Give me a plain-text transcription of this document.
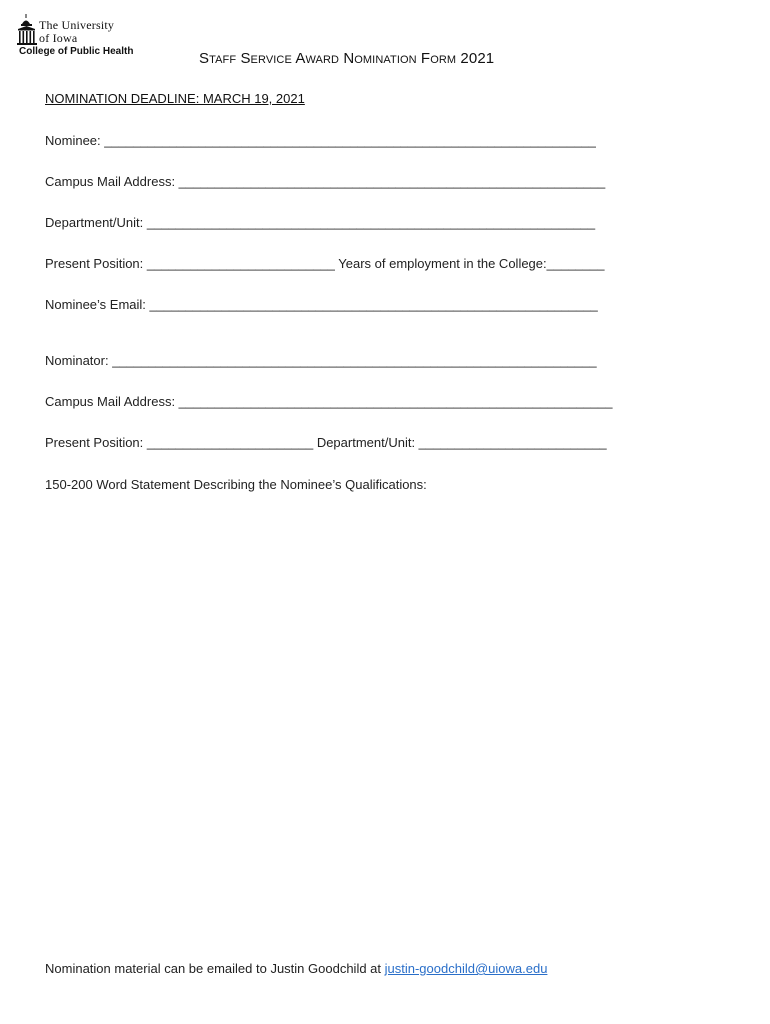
The University
of Iowa
College of Public Health	Staff Service Award Nomination Form 2021
NOMINATION DEADLINE: MARCH 19, 2021
Nominee: ____________________________________________________________________
Campus Mail Address: ___________________________________________________________
Department/Unit: ______________________________________________________________
Present Position: __________________________ Years of employment in the College:________
Nominee’s Email: ______________________________________________________________
Nominator: ___________________________________________________________________
Campus Mail Address: ____________________________________________________________
Present Position: _______________________ Department/Unit: __________________________
150-200 Word Statement Describing the Nominee’s Qualifications:
Nomination material can be emailed to Justin Goodchild at justin-goodchild@uiowa.edu
